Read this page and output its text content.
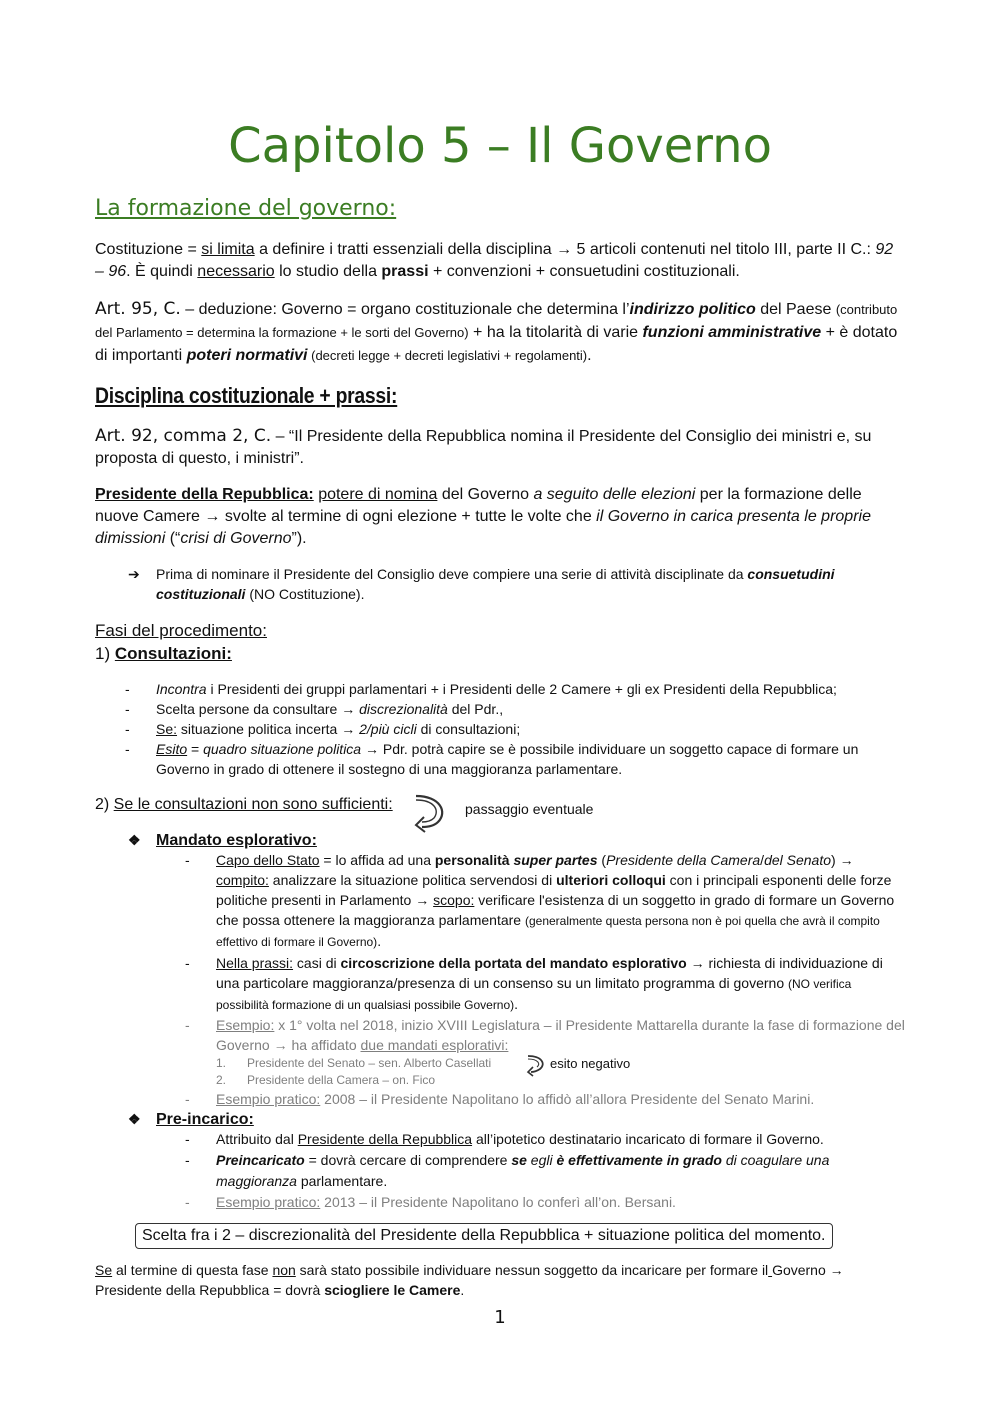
Capitolo 5 – Il Governo
La formazione del governo:

Costituzione = si limita a definire i tratti essenziali della disciplina → 5 articoli contenuti nel titolo III, parte II C.: 92 – 96. È quindi necessario lo studio della prassi + convenzioni + consuetudini costituzionali.

Art. 95, C. – deduzione: Governo = organo costituzionale che determina l’indirizzo politico del Paese (contributo del Parlamento = determina la formazione + le sorti del Governo) + ha la titolarità di varie funzioni amministrative + è dotato di importanti poteri normativi (decreti legge + decreti legislativi + regolamenti).

Disciplina costituzionale + prassi:

Art. 92, comma 2, C. – “Il Presidente della Repubblica nomina il Presidente del Consiglio dei ministri e, su proposta di questo, i ministri”.

Presidente della Repubblica: potere di nomina del Governo a seguito delle elezioni per la formazione delle nuove Camere → svolte al termine di ogni elezione + tutte le volte che il Governo in carica presenta le proprie dimissioni (“crisi di Governo”).

➔ Prima di nominare il Presidente del Consiglio deve compiere una serie di attività disciplinate da consuetudini costituzionali (NO Costituzione).
Fasi del procedimento:
1) Consultazioni:
- Incontra i Presidenti dei gruppi parlamentari + i Presidenti delle 2 Camere + gli ex Presidenti della Repubblica;
- Scelta persone da consultare → discrezionalità del Pdr.,
- Se: situazione politica incerta → 2/più cicli di consultazioni;
- Esito = quadro situazione politica → Pdr. potrà capire se è possibile individuare un soggetto capace di formare un Governo in grado di ottenere il sostegno di una maggioranza parlamentare.
2) Se le consultazioni non sono sufficienti:	passaggio eventuale
❖ Mandato esplorativo:
- Capo dello Stato = lo affida ad una personalità super partes (Presidente della Camera/del Senato) → compito: analizzare la situazione politica servendosi di ulteriori colloqui con i principali esponenti delle forze politiche presenti in Parlamento → scopo: verificare l'esistenza di un soggetto in grado di formare un Governo che possa ottenere la maggioranza parlamentare (generalmente questa persona non è poi quella che avrà il compito effettivo di formare il Governo).
- Nella prassi: casi di circoscrizione della portata del mandato esplorativo → richiesta di individuazione di una particolare maggioranza/presenza di un consenso su un limitato programma di governo (NO verifica possibilità formazione di un qualsiasi possibile Governo).
- Esempio: x 1° volta nel 2018, inizio XVIII Legislatura – il Presidente Mattarella durante la fase di formazione del Governo → ha affidato due mandati esplorativi:
1. Presidente del Senato – sen. Alberto Casellati
2. Presidente della Camera – on. Fico
- Esempio pratico: 2008 – il Presidente Napolitano lo affidò all’allora Presidente del Senato Marini.
esito negativo
❖ Pre-incarico:
- Attribuito dal Presidente della Repubblica all’ipotetico destinatario incaricato di formare il Governo.
- Preincaricato = dovrà cercare di comprendere se egli è effettivamente in grado di coagulare una maggioranza parlamentare.
- Esempio pratico: 2013 – il Presidente Napolitano lo conferì all’on. Bersani.
Scelta fra i 2 – discrezionalità del Presidente della Repubblica + situazione politica del momento.

Se al termine di questa fase non sarà stato possibile individuare nessun soggetto da incaricare per formare il Governo → Presidente della Repubblica = dovrà sciogliere le Camere.

1
